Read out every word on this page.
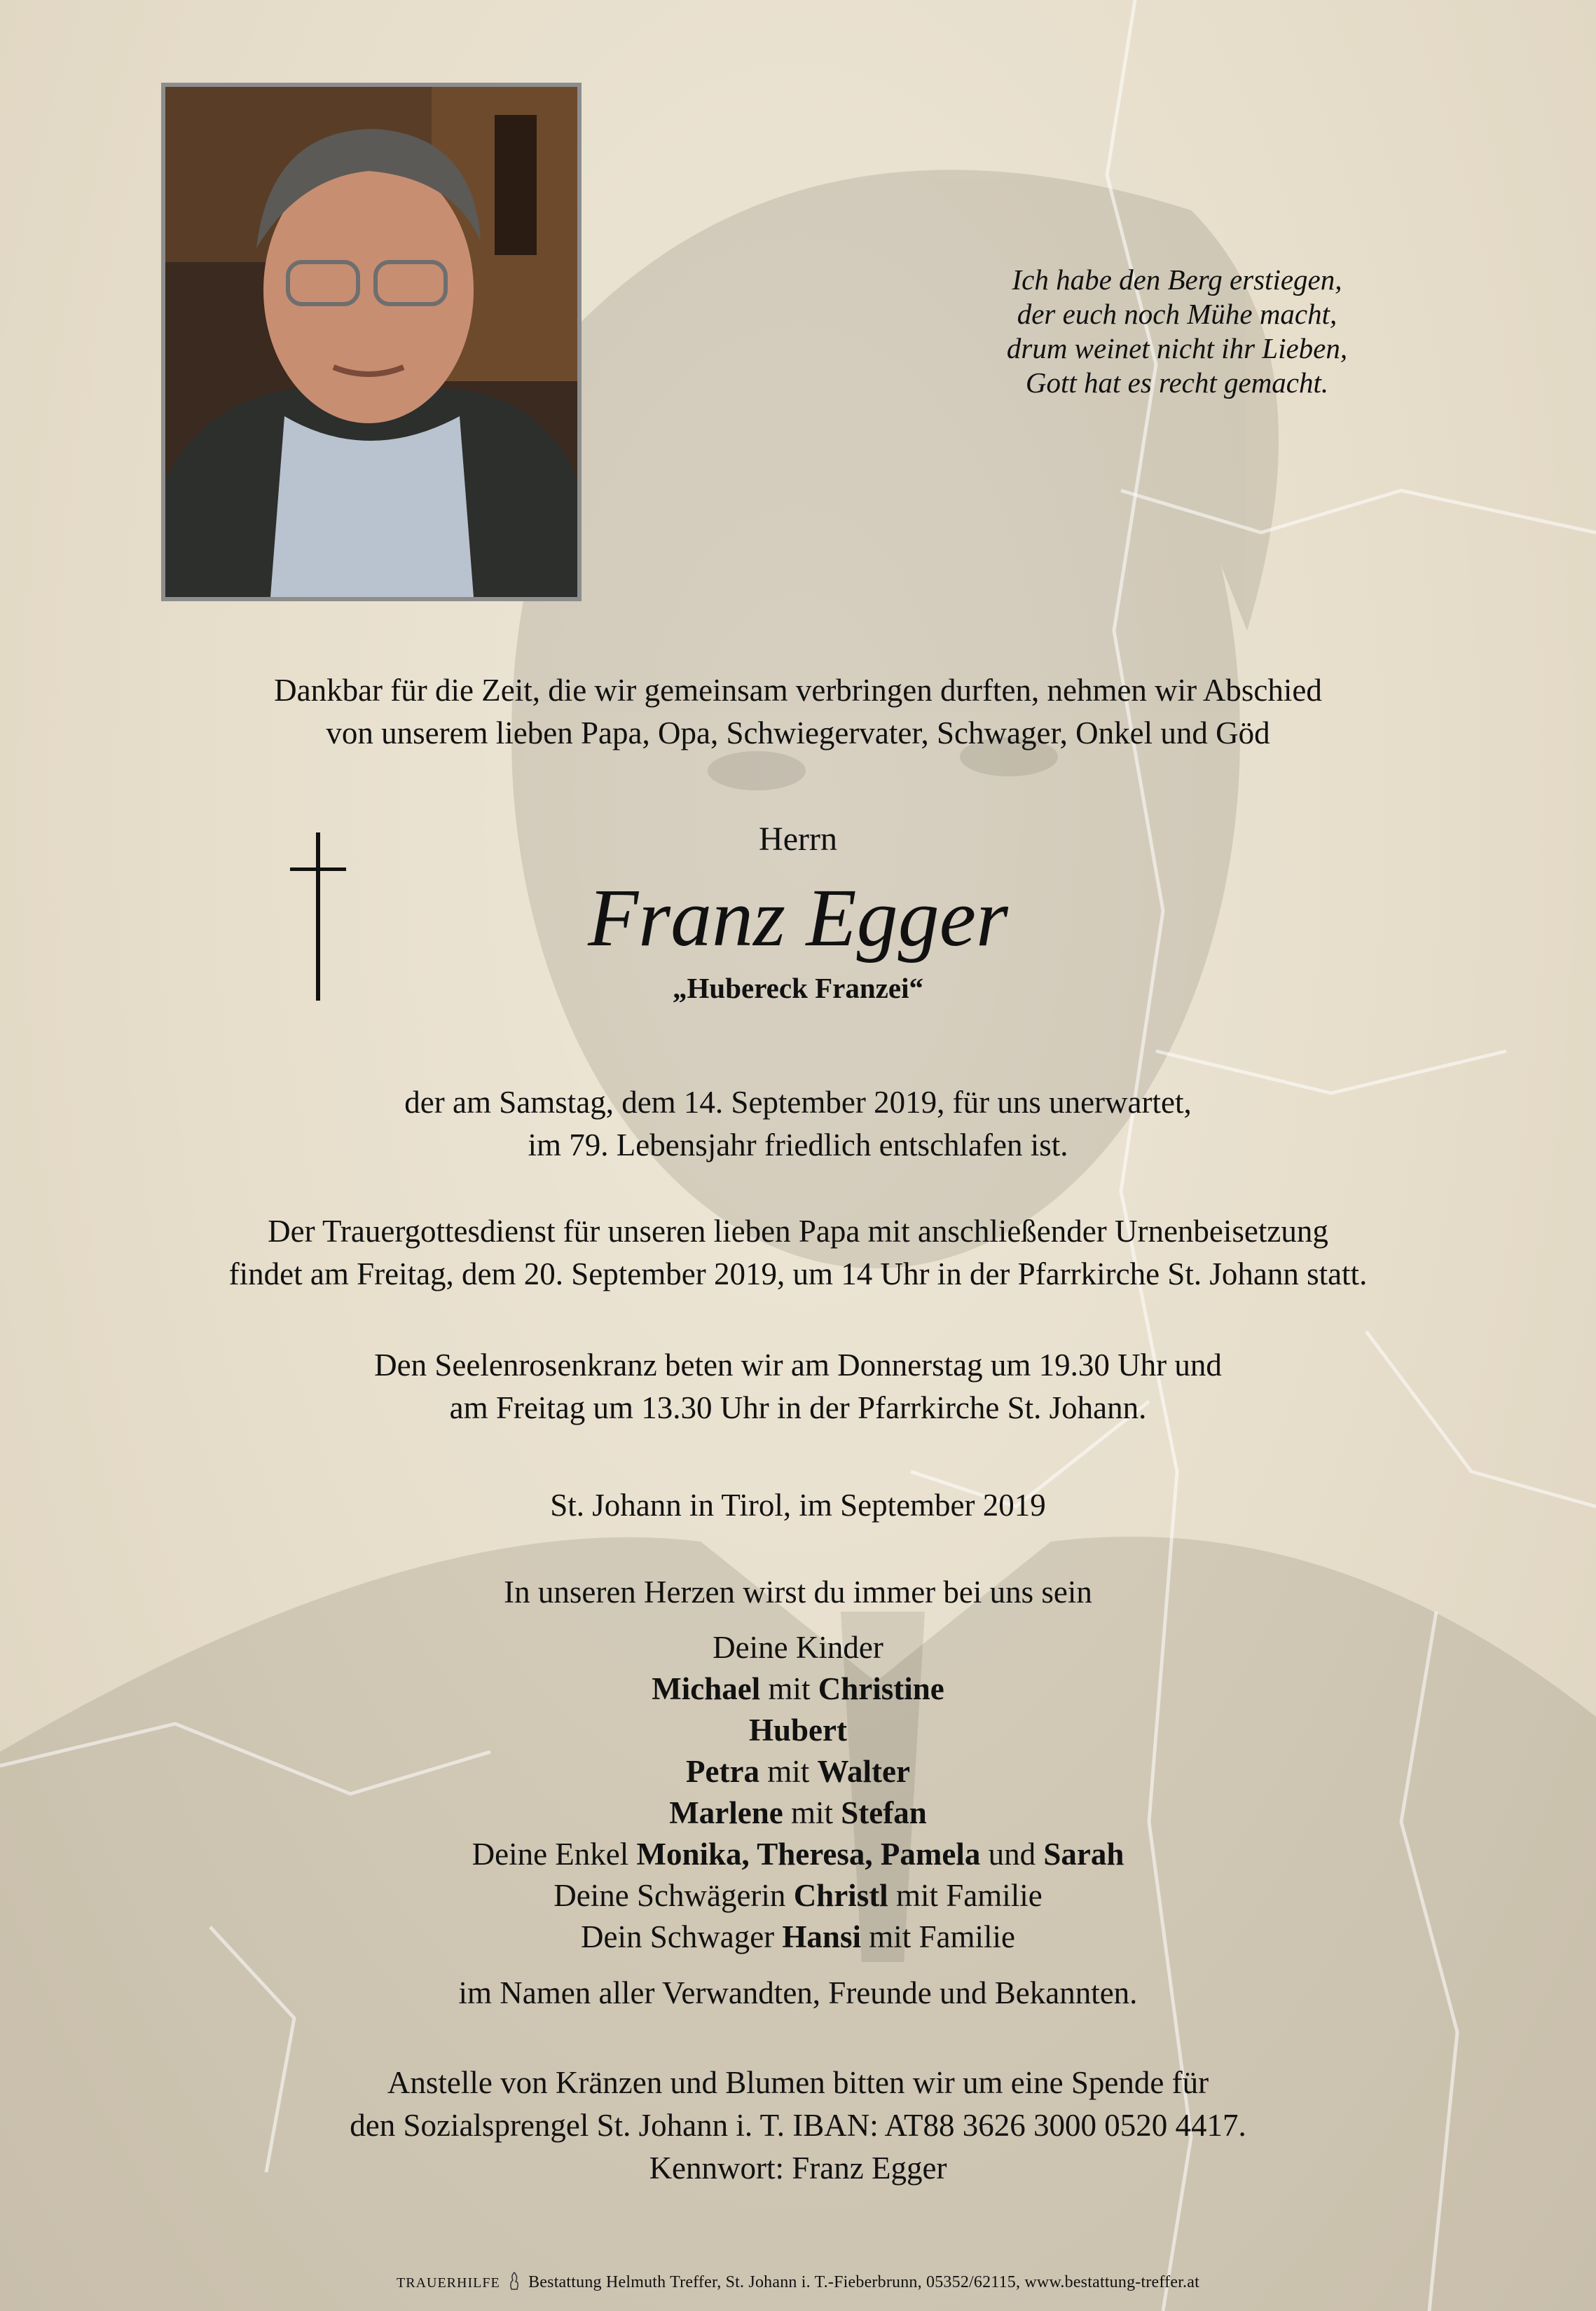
Ich habe den Berg erstiegen,
der euch noch Mühe macht,
drum weinet nicht ihr Lieben,
Gott hat es recht gemacht.
Dankbar für die Zeit, die wir gemeinsam verbringen durften, nehmen wir Abschied
von unserem lieben Papa, Opa, Schwiegervater, Schwager, Onkel und Göd
Herrn
Franz Egger
„Hubereck Franzei“
der am Samstag, dem 14. September 2019, für uns unerwartet,
im 79. Lebensjahr friedlich entschlafen ist.
Der Trauergottesdienst für unseren lieben Papa mit anschließender Urnenbeisetzung
findet am Freitag, dem 20. September 2019, um 14 Uhr in der Pfarrkirche St. Johann statt.
Den Seelenrosenkranz beten wir am Donnerstag um 19.30 Uhr und
am Freitag um 13.30 Uhr in der Pfarrkirche St. Johann.
St. Johann in Tirol, im September 2019
In unseren Herzen wirst du immer bei uns sein
Deine Kinder
Michael mit Christine
Hubert
Petra mit Walter
Marlene mit Stefan
Deine Enkel Monika, Theresa, Pamela und Sarah
Deine Schwägerin Christl mit Familie
Dein Schwager Hansi mit Familie
im Namen aller Verwandten, Freunde und Bekannten.
Anstelle von Kränzen und Blumen bitten wir um eine Spende für
den Sozialsprengel St. Johann i. T. IBAN: AT88 3626 3000 0520 4417.
Kennwort: Franz Egger
TRAUERHILFE Bestattung Helmuth Treffer, St. Johann i. T.-Fieberbrunn, 05352/62115, www.bestattung-treffer.at
